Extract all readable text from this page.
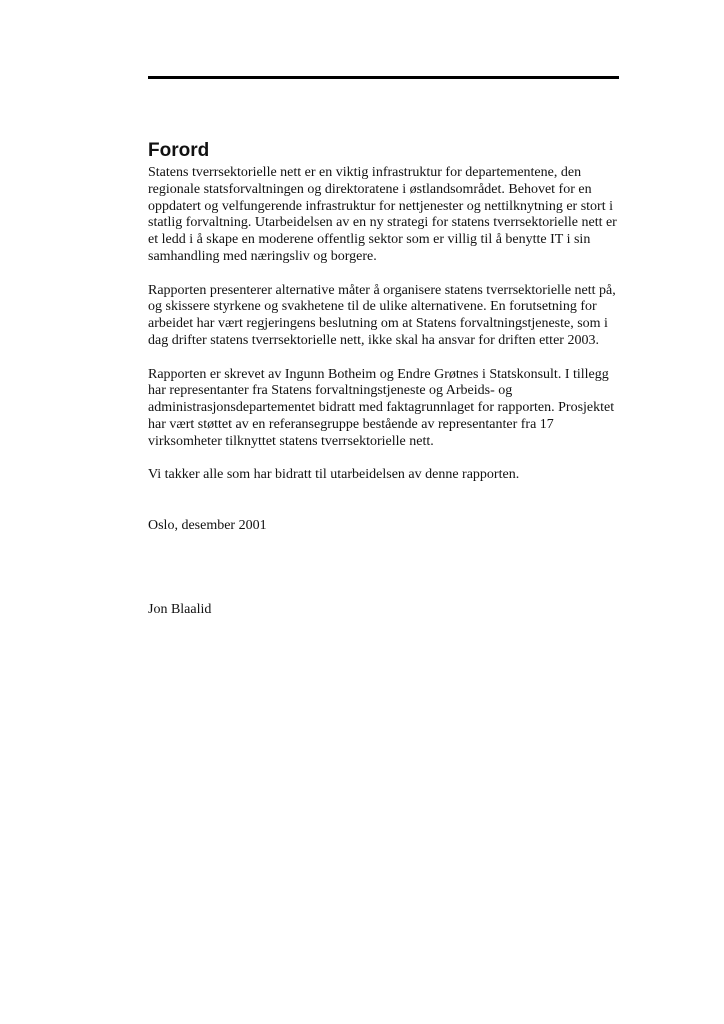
Forord

Statens tverrsektorielle nett er en viktig infrastruktur for departementene, den regionale statsforvaltningen og direktoratene i østlandsområdet. Behovet for en oppdatert og velfungerende infrastruktur for nettjenester og nettilknytning er stort i statlig forvaltning. Utarbeidelsen av en ny strategi for statens tverrsektorielle nett er et ledd i å skape en moderene offentlig sektor som er villig til å benytte IT i sin samhandling med næringsliv og borgere.

Rapporten presenterer alternative måter å organisere statens tverrsektorielle nett på, og skissere styrkene og svakhetene til de ulike alternativene. En forutsetning for arbeidet har vært regjeringens beslutning om at Statens forvaltningstjeneste, som i dag drifter statens tverrsektorielle nett, ikke skal ha ansvar for driften etter 2003.

Rapporten er skrevet av Ingunn Botheim og Endre Grøtnes i Statskonsult. I tillegg har representanter fra Statens forvaltningstjeneste og Arbeids- og administrasjonsdepartementet bidratt med faktagrunnlaget for rapporten. Prosjektet har vært støttet av en referansegruppe bestående av representanter fra 17 virksomheter tilknyttet statens tverrsektorielle nett.

Vi takker alle som har bidratt til utarbeidelsen av denne rapporten.

Oslo, desember 2001

Jon Blaalid
